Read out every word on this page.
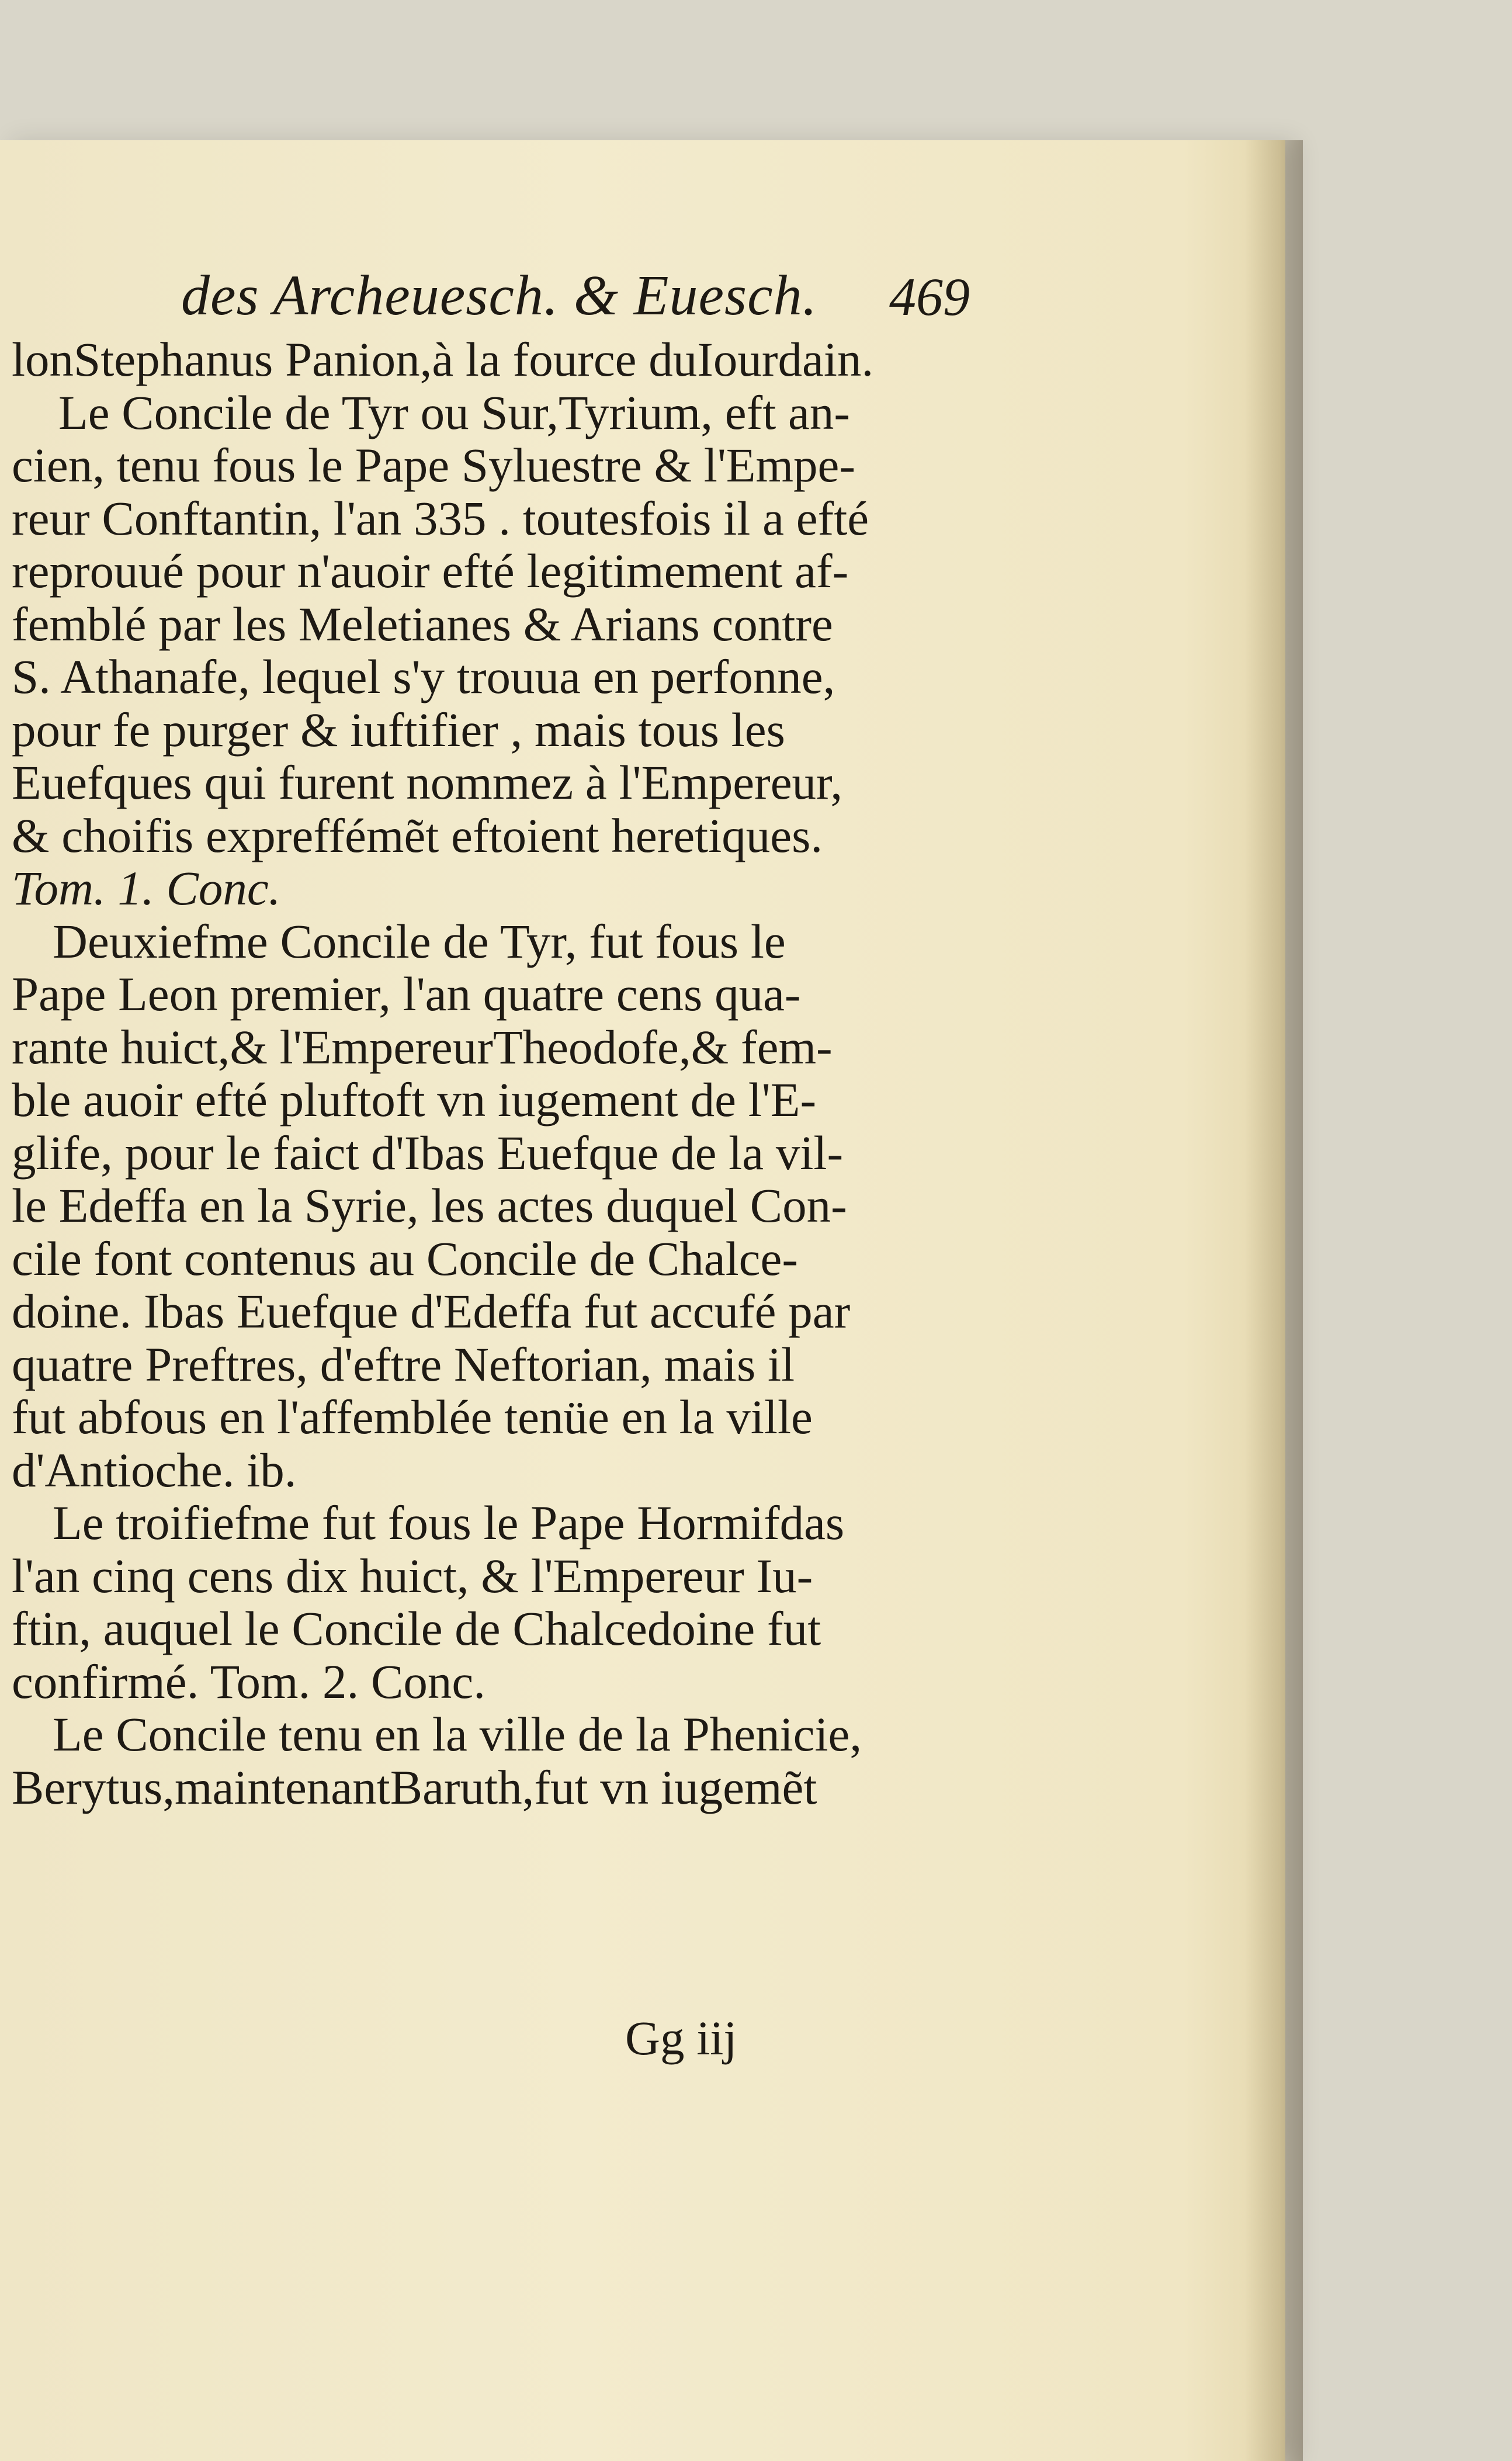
des Archeuesch. & Euesch. 469
lonStephanus Panion,à la fource duIourdain.
Le Concile de Tyr ou Sur,Tyrium, eft an-
cien, tenu fous le Pape Syluestre & l'Empe-
reur Conftantin, l'an 335 . toutesfois il a efté
reprouué pour n'auoir efté legitimement af-
femblé par les Meletianes & Arians contre
S. Athanafe, lequel s'y trouua en perfonne,
pour fe purger & iuftifier , mais tous les
Euefques qui furent nommez à l'Empereur,
& choifis expreffémẽt eftoient heretiques.
Tom. 1. Conc.
Deuxiefme Concile de Tyr, fut fous le
Pape Leon premier, l'an quatre cens qua-
rante huict,& l'EmpereurTheodofe,& fem-
ble auoir efté pluftoft vn iugement de l'E-
glife, pour le faict d'Ibas Euefque de la vil-
le Edeffa en la Syrie, les actes duquel Con-
cile font contenus au Concile de Chalce-
doine. Ibas Euefque d'Edeffa fut accufé par
quatre Preftres, d'eftre Neftorian, mais il
fut abfous en l'affemblée tenüe en la ville
d'Antioche. ib.
Le troifiefme fut fous le Pape Hormifdas
l'an cinq cens dix huict, & l'Empereur Iu-
ftin, auquel le Concile de Chalcedoine fut
confirmé. Tom. 2. Conc.
Le Concile tenu en la ville de la Phenicie,
Berytus,maintenantBaruth,fut vn iugemẽt
Gg iij
